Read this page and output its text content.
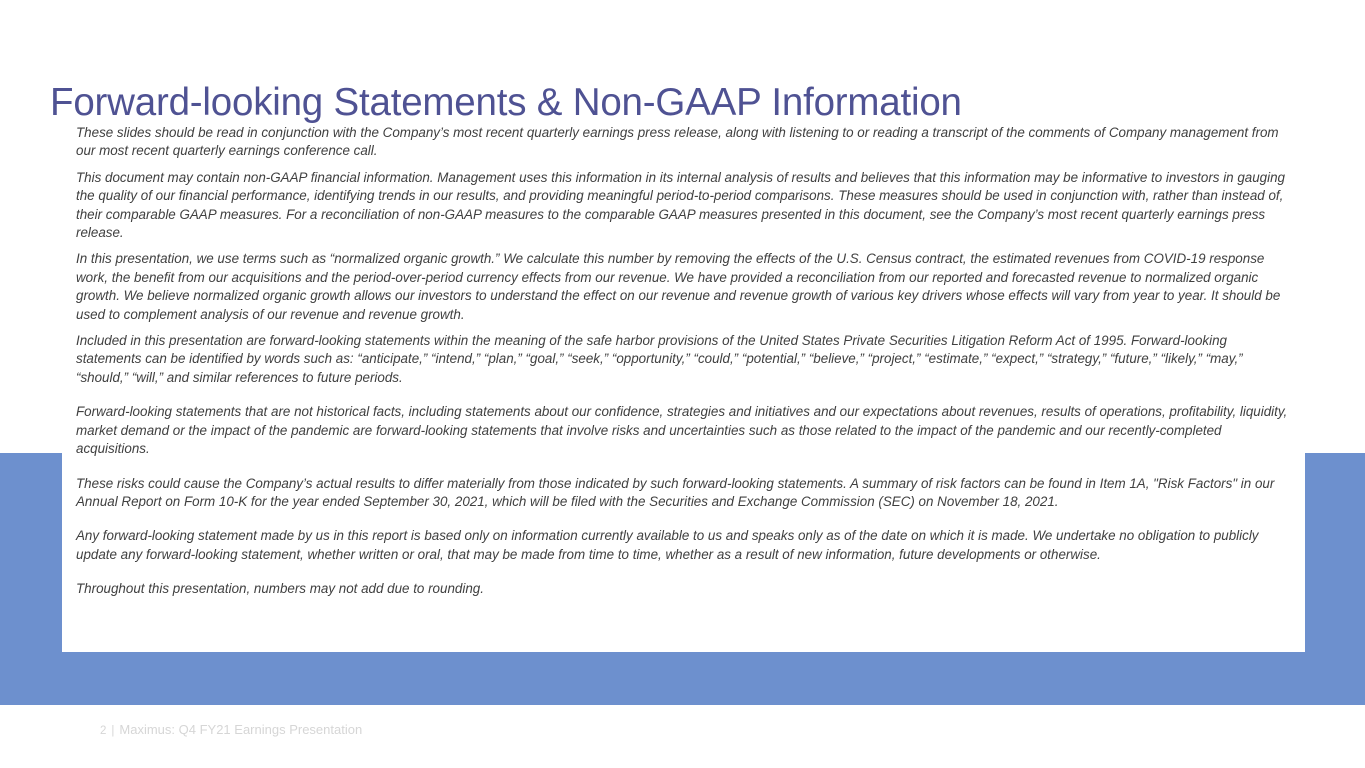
Forward-looking Statements & Non-GAAP Information

These slides should be read in conjunction with the Company’s most recent quarterly earnings press release, along with listening to or reading a transcript of the comments of Company management from our most recent quarterly earnings conference call.

This document may contain non-GAAP financial information. Management uses this information in its internal analysis of results and believes that this information may be informative to investors in gauging the quality of our financial performance, identifying trends in our results, and providing meaningful period-to-period comparisons. These measures should be used in conjunction with, rather than instead of, their comparable GAAP measures. For a reconciliation of non-GAAP measures to the comparable GAAP measures presented in this document, see the Company’s most recent quarterly earnings press release.

In this presentation, we use terms such as “normalized organic growth.” We calculate this number by removing the effects of the U.S. Census contract, the estimated revenues from COVID-19 response work, the benefit from our acquisitions and the period-over-period currency effects from our revenue. We have provided a reconciliation from our reported and forecasted revenue to normalized organic growth. We believe normalized organic growth allows our investors to understand the effect on our revenue and revenue growth of various key drivers whose effects will vary from year to year. It should be used to complement analysis of our revenue and revenue growth.

Included in this presentation are forward-looking statements within the meaning of the safe harbor provisions of the United States Private Securities Litigation Reform Act of 1995. Forward-looking statements can be identified by words such as: “anticipate,” “intend,” “plan,” “goal,” “seek,” “opportunity,” “could,” “potential,” “believe,” “project,” “estimate,” “expect,” “strategy,” “future,” “likely,” “may,” “should,” “will,” and similar references to future periods.

Forward-looking statements that are not historical facts, including statements about our confidence, strategies and initiatives and our expectations about revenues, results of operations, profitability, liquidity, market demand or the impact of the pandemic are forward-looking statements that involve risks and uncertainties such as those related to the impact of the pandemic and our recently-completed acquisitions.

These risks could cause the Company’s actual results to differ materially from those indicated by such forward-looking statements. A summary of risk factors can be found in Item 1A, "Risk Factors" in our Annual Report on Form 10-K for the year ended September 30, 2021, which will be filed with the Securities and Exchange Commission (SEC) on November 18, 2021.

Any forward-looking statement made by us in this report is based only on information currently available to us and speaks only as of the date on which it is made. We undertake no obligation to publicly update any forward-looking statement, whether written or oral, that may be made from time to time, whether as a result of new information, future developments or otherwise.

Throughout this presentation, numbers may not add due to rounding.

2 | Maximus: Q4 FY21 Earnings Presentation
